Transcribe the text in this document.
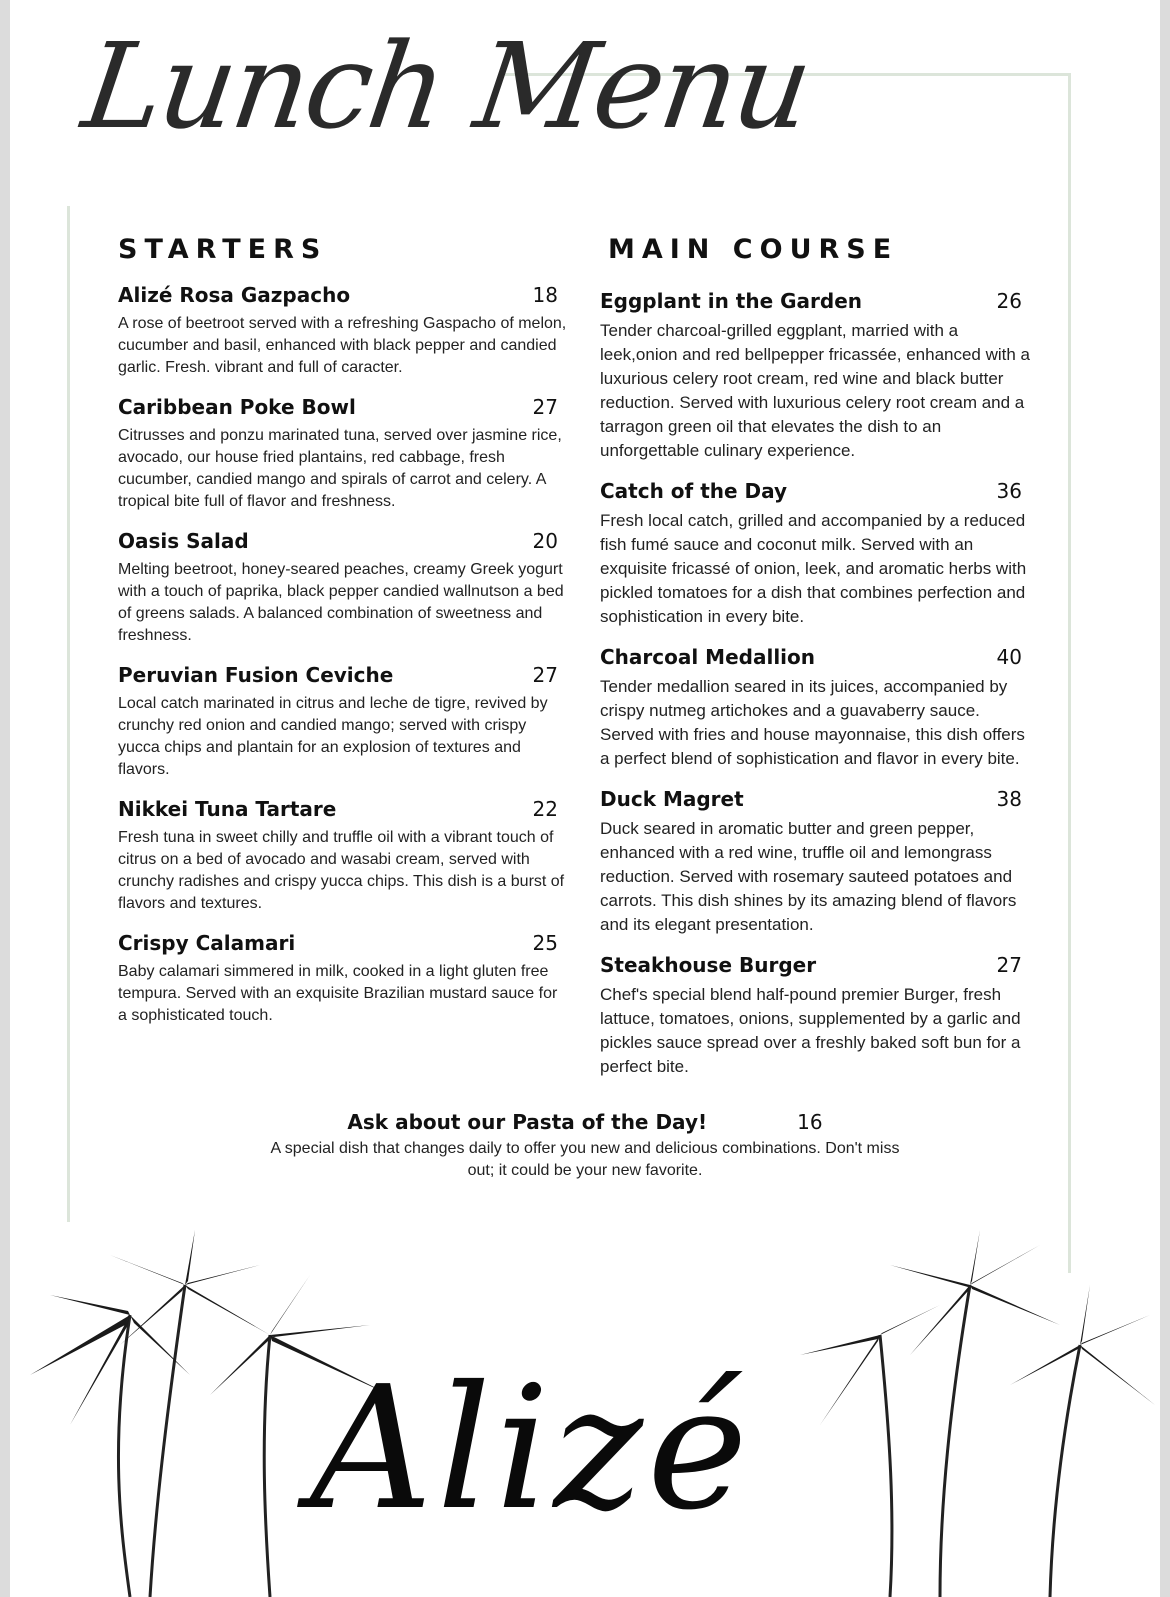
Lunch Menu
STARTERS
Alizé Rosa Gazpacho	18
A rose of beetroot served with a refreshing Gaspacho of melon, cucumber and basil, enhanced with black pepper and candied garlic. Fresh. vibrant and full of caracter.
Caribbean Poke Bowl	27
Citrusses and ponzu marinated tuna, served over jasmine rice, avocado, our house fried plantains, red cabbage, fresh cucumber, candied mango and spirals of carrot and celery. A tropical bite full of flavor and freshness.
Oasis Salad	20
Melting beetroot, honey-seared peaches, creamy Greek yogurt with a touch of paprika, black pepper candied wallnutson a bed of greens salads. A balanced combination of sweetness and freshness.
Peruvian Fusion Ceviche	27
Local catch marinated in citrus and leche de tigre, revived by crunchy red onion and candied mango; served with crispy yucca chips and plantain for an explosion of textures and flavors.
Nikkei Tuna Tartare	22
Fresh tuna in sweet chilly and truffle oil with a vibrant touch of citrus on a bed of avocado and wasabi cream, served with crunchy radishes and crispy yucca chips. This dish is a burst of flavors and textures.
Crispy Calamari	25
Baby calamari simmered in milk, cooked in a light gluten free tempura. Served with an exquisite Brazilian mustard sauce for a sophisticated touch.
MAIN COURSE
Eggplant in the Garden	26
Tender charcoal-grilled eggplant, married with a leek,onion and red bellpepper fricassée, enhanced with a luxurious celery root cream, red wine and black butter reduction. Served with luxurious celery root cream and a tarragon green oil that elevates the dish to an unforgettable culinary experience.
Catch of the Day	36
Fresh local catch, grilled and accompanied by a reduced fish fumé sauce and coconut milk. Served with an exquisite fricassé of onion, leek, and aromatic herbs with pickled tomatoes for a dish that combines perfection and sophistication in every bite.
Charcoal Medallion	40
Tender medallion seared in its juices, accompanied by crispy nutmeg artichokes and a guavaberry sauce. Served with fries and house mayonnaise, this dish offers a perfect blend of sophistication and flavor in every bite.
Duck Magret	38
Duck seared in aromatic butter and green pepper, enhanced with a red wine, truffle oil and lemongrass reduction. Served with rosemary sauteed potatoes and carrots. This dish shines by its amazing blend of flavors and its elegant presentation.
Steakhouse Burger	27
Chef's special blend half-pound premier Burger, fresh lattuce, tomatoes, onions, supplemented by a garlic and pickles sauce spread over a freshly baked soft bun for a perfect bite.
Ask about our Pasta of the Day!	16
A special dish that changes daily to offer you new and delicious combinations. Don't miss out; it could be your new favorite.
Alizé
